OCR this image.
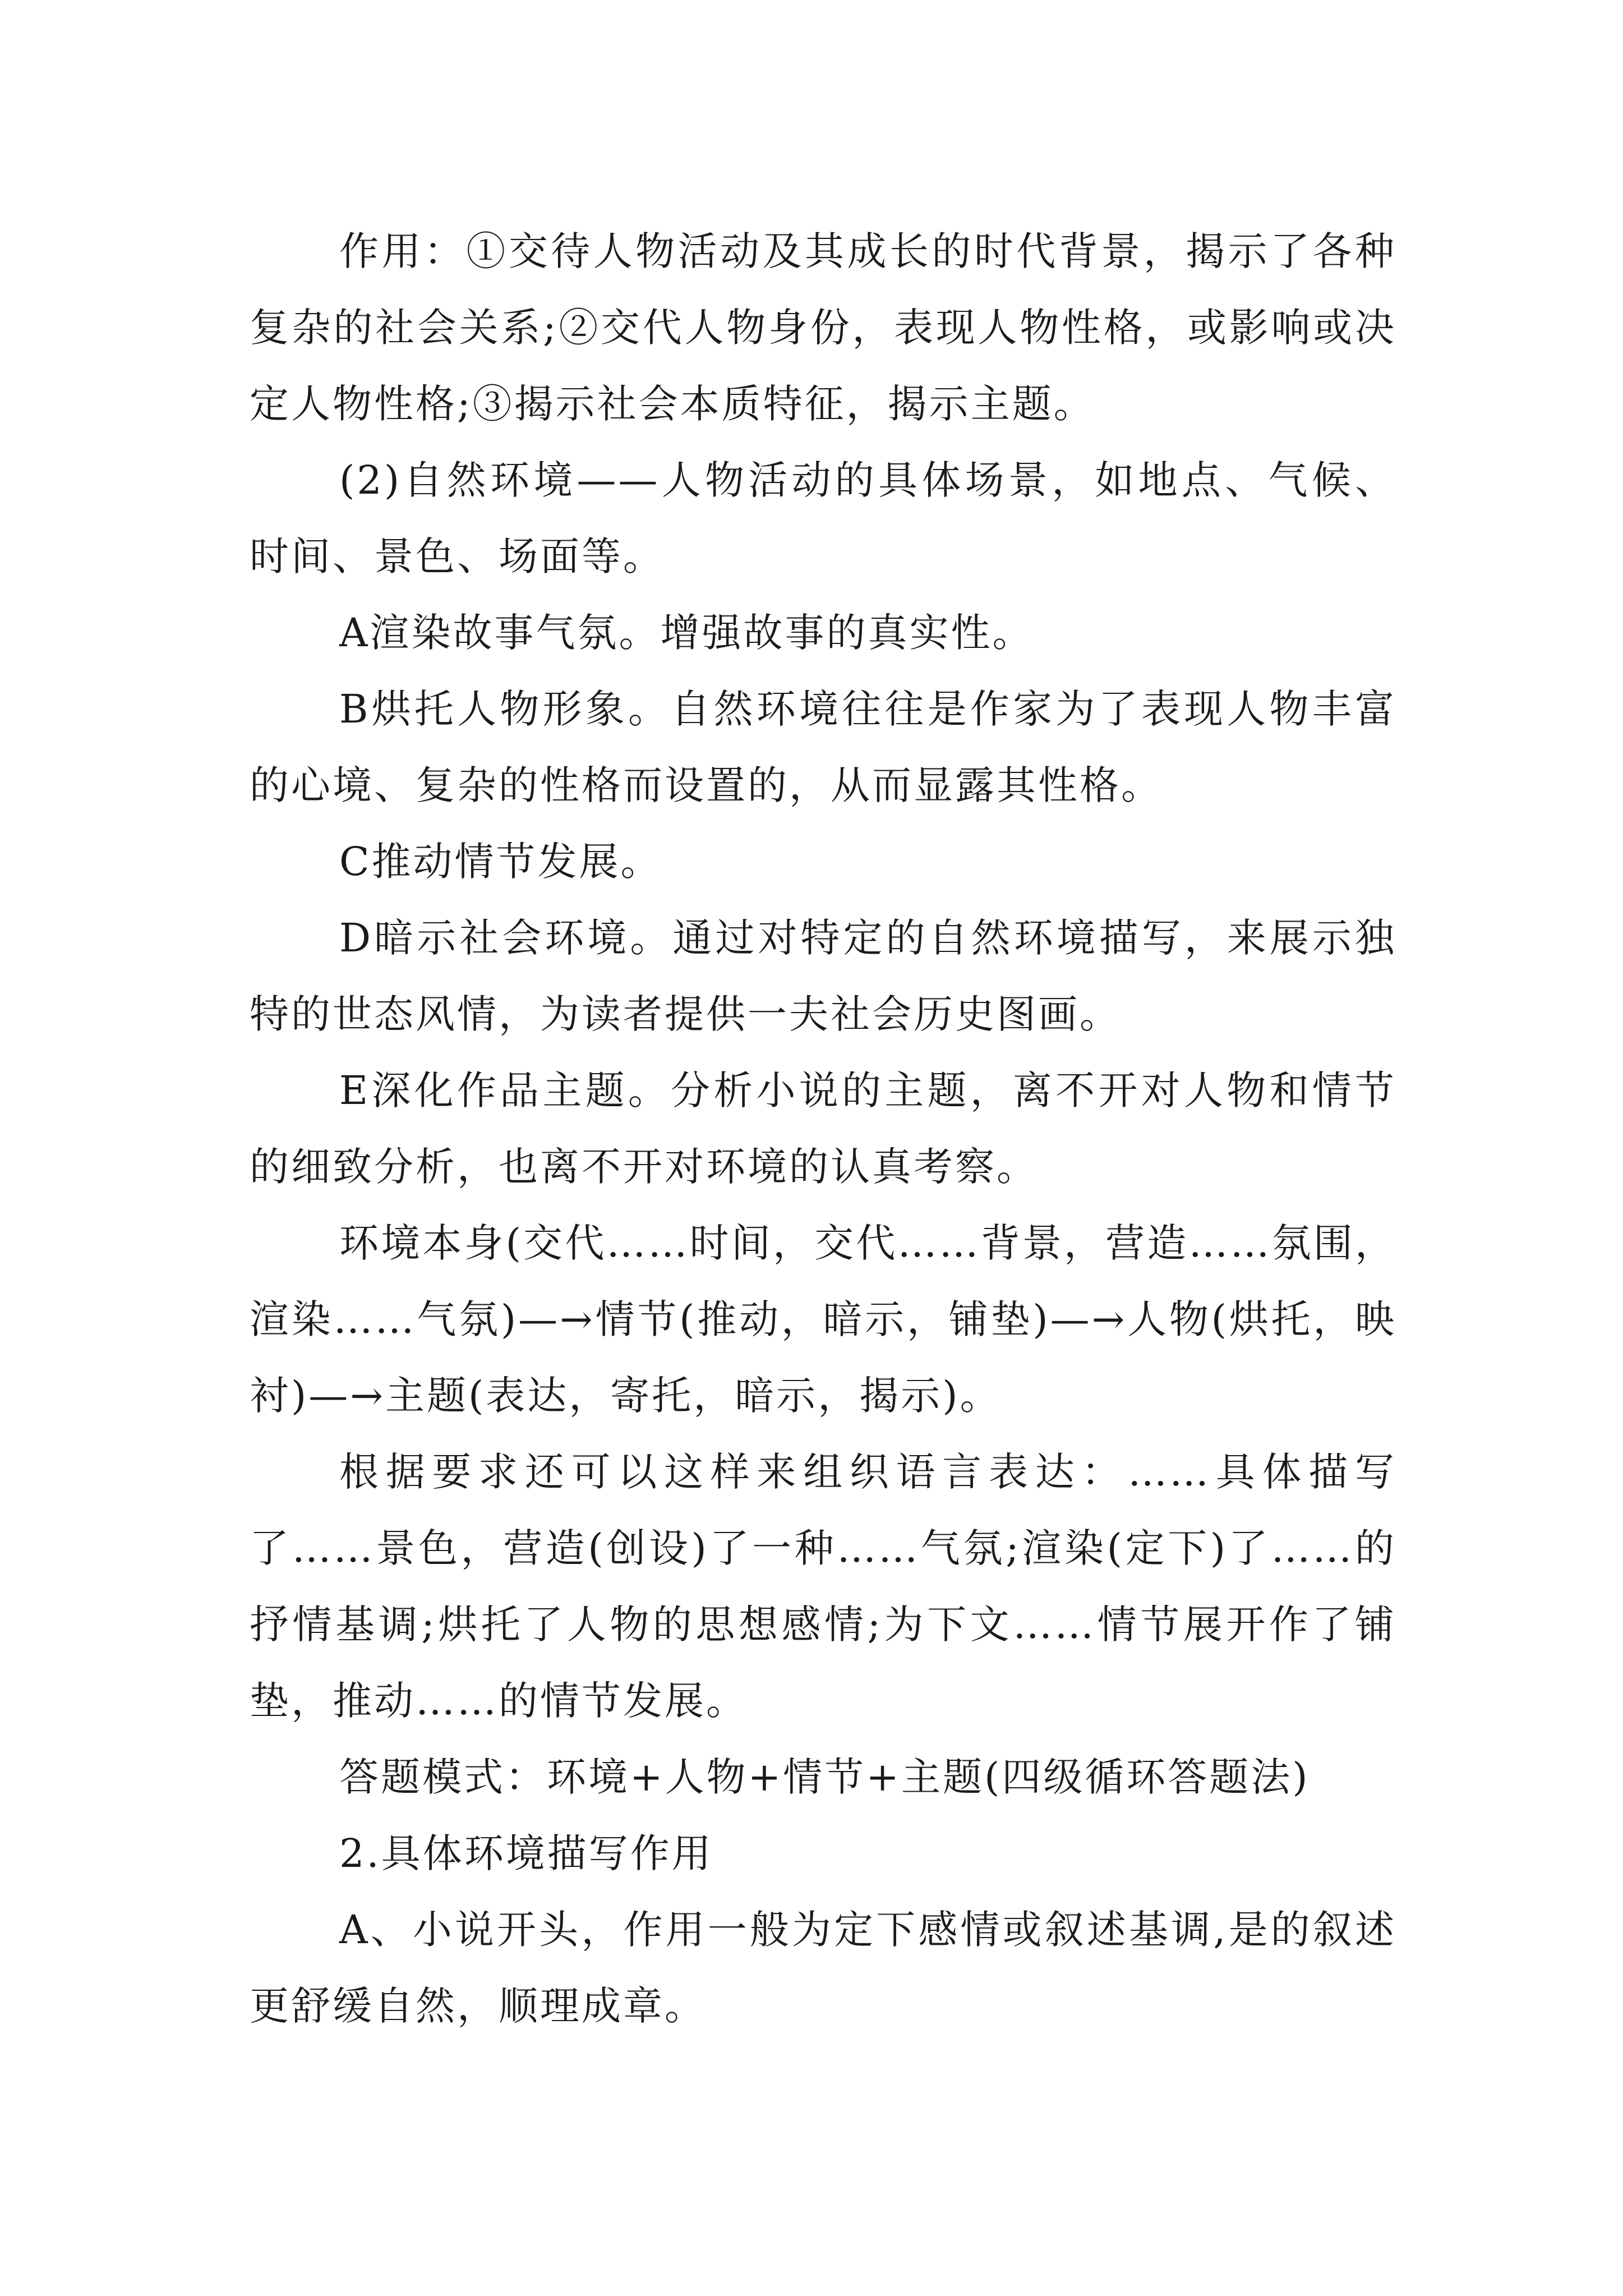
作用：①交待人物活动及其成长的时代背景，揭示了各种复杂的社会关系;②交代人物身份，表现人物性格，或影响或决定人物性格;③揭示社会本质特征，揭示主题。

(2)自然环境——人物活动的具体场景，如地点、气候、时间、景色、场面等。

A渲染故事气氛。增强故事的真实性。

B烘托人物形象。自然环境往往是作家为了表现人物丰富的心境、复杂的性格而设置的，从而显露其性格。

C推动情节发展。

D暗示社会环境。通过对特定的自然环境描写，来展示独特的世态风情，为读者提供一夫社会历史图画。

E深化作品主题。分析小说的主题，离不开对人物和情节的细致分析，也离不开对环境的认真考察。

环境本身(交代……时间，交代……背景，营造……氛围，渲染……气氛)—→情节(推动，暗示，铺垫)—→人物(烘托，映衬)—→主题(表达，寄托，暗示，揭示)。

根据要求还可以这样来组织语言表达：……具体描写了……景色，营造(创设)了一种……气氛;渲染(定下)了……的抒情基调;烘托了人物的思想感情;为下文……情节展开作了铺垫，推动……的情节发展。

答题模式：环境+人物+情节+主题(四级循环答题法)

2.具体环境描写作用

A、小说开头，作用一般为定下感情或叙述基调,是的叙述更舒缓自然，顺理成章。
